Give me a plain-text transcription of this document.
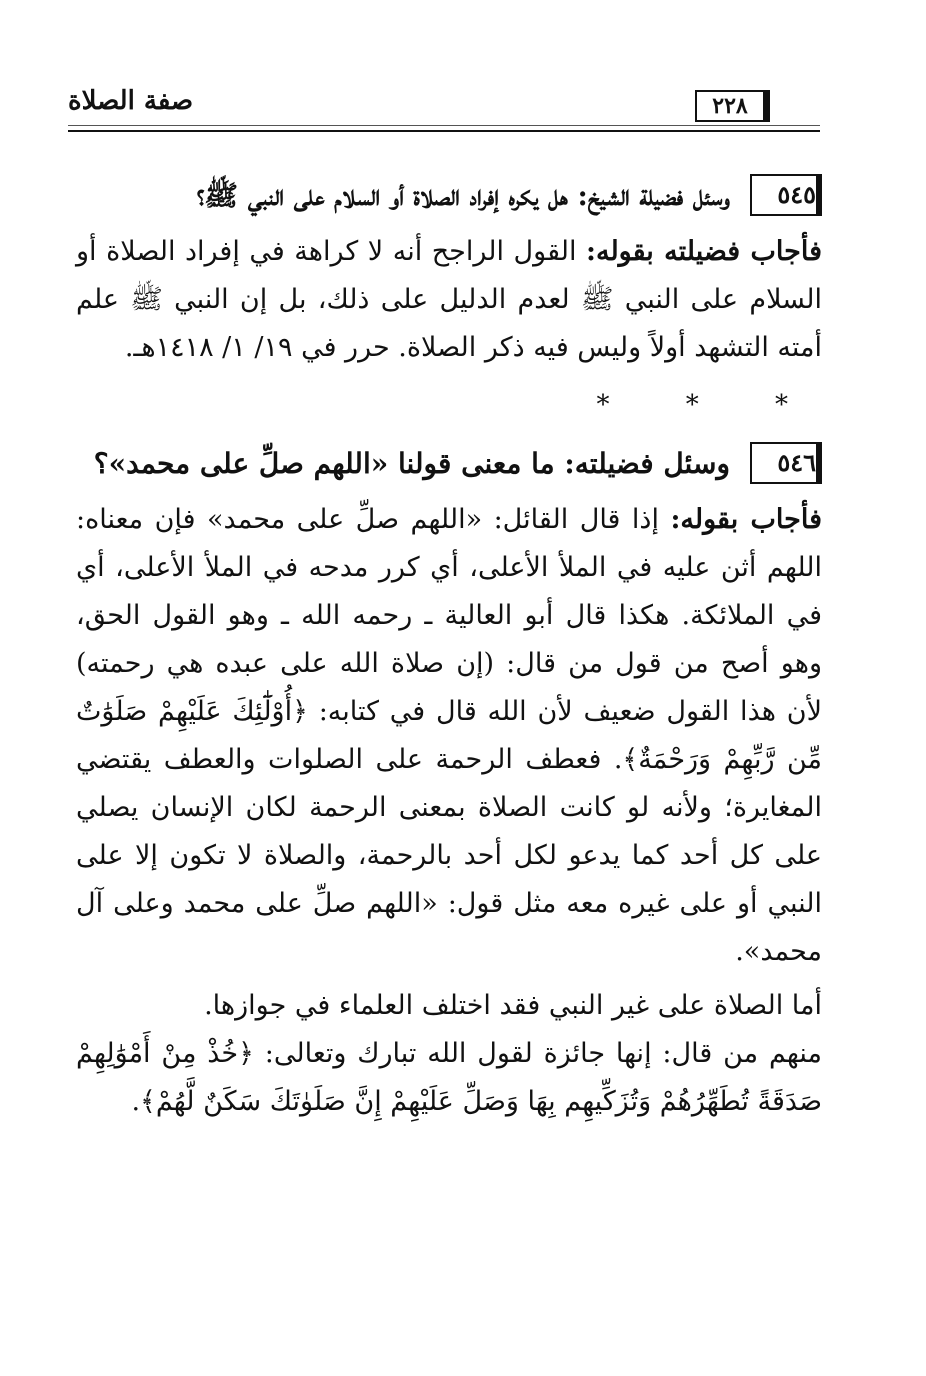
صفة الصلاة	٢٢٨
٥٤٥

وسئل فضيلة الشيخ: هل يكره إفراد الصلاة أو السلام على النبي ﷺ؟

فأجاب فضيلته بقوله: القول الراجح أنه لا كراهة في إفراد الصلاة أو السلام على النبي ﷺ لعدم الدليل على ذلك، بل إن النبي ﷺ علم أمته التشهد أولاً وليس فيه ذكر الصلاة. حرر في ١٩/ ١/ ١٤١٨هـ.

* * *
٥٤٦

وسئل فضيلته: ما معنى قولنا «اللهم صلِّ على محمد»؟

فأجاب بقوله: إذا قال القائل: «اللهم صلِّ على محمد» فإن معناه: اللهم أثن عليه في الملأ الأعلى، أي كرر مدحه في الملأ الأعلى، أي في الملائكة. هكذا قال أبو العالية ـ رحمه الله ـ وهو القول الحق، وهو أصح من قول من قال: (إن صلاة الله على عبده هي رحمته) لأن هذا القول ضعيف لأن الله قال في كتابه: ﴿أُوْلَٰٓئِكَ عَلَيْهِمْ صَلَوَٰتٌ مِّن رَّبِّهِمْ وَرَحْمَةٌ﴾. فعطف الرحمة على الصلوات والعطف يقتضي المغايرة؛ ولأنه لو كانت الصلاة بمعنى الرحمة لكان الإنسان يصلي على كل أحد كما يدعو لكل أحد بالرحمة، والصلاة لا تكون إلا على النبي أو على غيره معه مثل قول: «اللهم صلِّ على محمد وعلى آل محمد».

أما الصلاة على غير النبي فقد اختلف العلماء في جوازها.

منهم من قال: إنها جائزة لقول الله تبارك وتعالى: ﴿خُذْ مِنْ أَمْوَٰلِهِمْ صَدَقَةً تُطَهِّرُهُمْ وَتُزَكِّيهِم بِهَا وَصَلِّ عَلَيْهِمْ إِنَّ صَلَوٰتَكَ سَكَنٌ لَّهُمْ﴾.
